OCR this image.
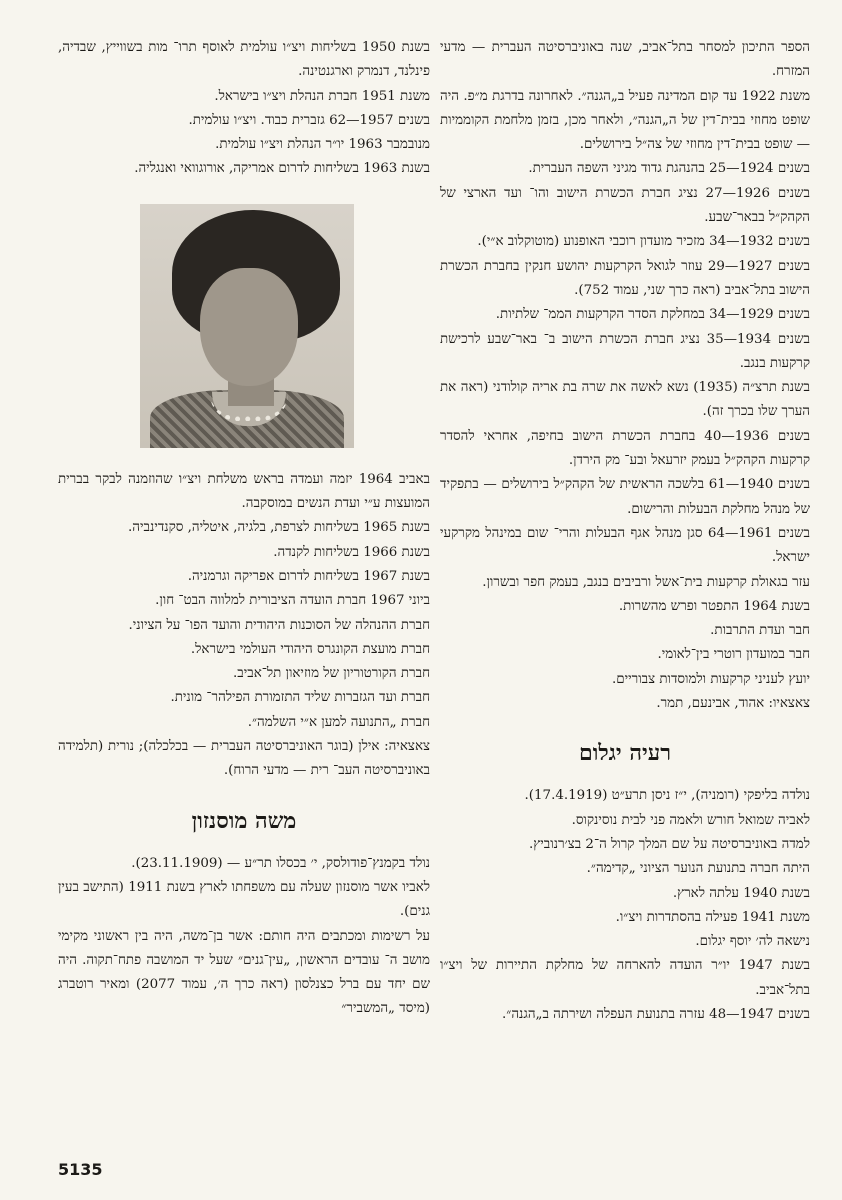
הספר התיכון למסחר בתל־אביב, שנה באוניברסיטה העברית — מדעי המזרח.

משנת 1922 עד קום המדינה פעיל ב„הגנה״. לאחרונה בדרגת מ״פ. היה שופט מחוזי בבית־דין של ה„הגנה״, ולאחר מכן, בזמן מלחמת הקוממיות — שופט בבית־דין מחוזי של צה״ל בירושלים.

בשנים 1924—25 בהנהגת גדוד מגיני השפה העברית.

בשנים 1926—27 נציג חברת הכשרת הישוב והו־ ועד הארצי של הקהק״ל בבאר־שבע.

בשנים 1932—34 מזכיר מועדון רוכבי האופנוע (מוטוקלוב א״י).

בשנים 1927—29 עוזר לגואל הקרקעות יהושע חנקין בחברת הכשרת הישוב בתל־אביב (ראה כרך שני, עמוד 752).

בשנים 1929—34 במחלקת הסדר הקרקעות הממ־ שלתיות.

בשנים 1934—35 נציג חברת הכשרת הישוב ב־ באר־שבע לרכישת קרקעות בנגב.

בשנת תרצ״ה (1935) נשא לאשה את שרה בת אריה קולודני (ראה את הערך שלו בכרך זה).

בשנים 1936—40 בחברת הכשרת הישוב בחיפה, אחראי להסדר קרקעות הקהק״ל בעמק יזרעאל ובע־ מק הירדן.

בשנים 1940—61 בלשכה הראשית של הקהק״ל בירושלים — בתפקיד של מנהל מחלקת הבעלות והרישום.

בשנים 1961—64 סגן מנהל אגף הבעלות והרי־ שום במינהל מקרקעי ישראל.

עזר בגאולת קרקעות בית־אשל ורביבים בנגב, בעמק חפר ובשרון.

בשנת 1964 התפטר ופרש מהשרות.

חבר ועדת התרבות.

חבר במועדון רוטרי בין־לאומי.

יועץ לעניני קרקעות ולמוסדות צבוריים.

צאצאיו: אהוד, אבינעם, תמר.

רעיה יגלום

נולדה בליפקי (רומניה), י״ז ניסן תרע״ט (17.4.1919).

לאביה שמואל חורש ולאמה פני לבית נוסינקוס.

למדה באוניברסיטה על שם המלך קרול ה־2 בצ׳רנוביץ.

היתה חברה בתנועת הנוער הציוני „קדימה״.

בשנת 1940 עלתה לארץ.

משנת 1941 פעילה בהסתדרות ויצ״ו.

נישאה לה׳ יוסף יגלום.

בשנת 1947 יו״ר הועדה להארחה של מחלקת התיירות של ויצ״ו בתל־אביב.

בשנים 1947—48 עזרה בתנועת העפלה ושירתה ב„הגנה״.

בשנת 1950 בשליחות ויצ״ו עולמית לאוסף תרו־ מות בשווייץ, שבדיה, פינלנד, דנמרק וארגנטינה.

משנת 1951 חברת הנהלת ויצ״ו בישראל.

בשנים 1957—62 גזברית כבוד. ויצ״ו עולמית.

מנובמבר 1963 יו״ר הנהלת ויצ״ו עולמית.

בשנת 1963 בשליחות לדרום אמריקה, אורוגוואי ואנגליה.

באביב 1964 יזמה ועמדה בראש משלחת ויצ״ו שהוזמנה לבקר בברית המועצות ע״י ועדת הנשים במוסקבה.

בשנת 1965 בשליחות לצרפת, בלגיה, איטליה, סקנדינביה.

בשנת 1966 בשליחות לקנדה.

בשנת 1967 בשליחות לדרום אפריקה וגרמניה.

ביוני 1967 חברת הועדה הציבורית למלווה הבט־ חון.

חברת ההנהלה של הסוכנות היהודית והועד הפו־ על הציוני.

חברת מועצת הקונגרס היהודי העולמי בישראל.

חברת הקורטוריון של מוזיאון תל־אביב.

חברת ועד הגזברות שליד התזמורת הפילהר־ מונית.

חברת „התנועה למען א״י השלמה״.

צאצאיה: אילן (בוגר האוניברסיטה העברית — בכלכלה); נורית (תלמידה באוניברסיטה העב־ רית — מדעי הרוח).

משה מוסנזון

נולד בקמנץ־פודולסק, י׳ בכסלו תר״ע — (23.11.1909).

לאביו אשר מוסנזון שעלה עם משפחתו לארץ בשנת 1911 (התישב בעין גנים).

על רשימות ומכתבים היה חותם: אשר בן־משה, היה בין ראשוני מקימי מושב ה־ עובדים הראשון, „עין־גנים״ שעל יד המושבה פתח־תקוה. היה שם יחד עם ברל כצנלסון (ראה כרך ה׳, עמוד 2077) ומאיר רוטברג (מיסד „המשביר״

5135
